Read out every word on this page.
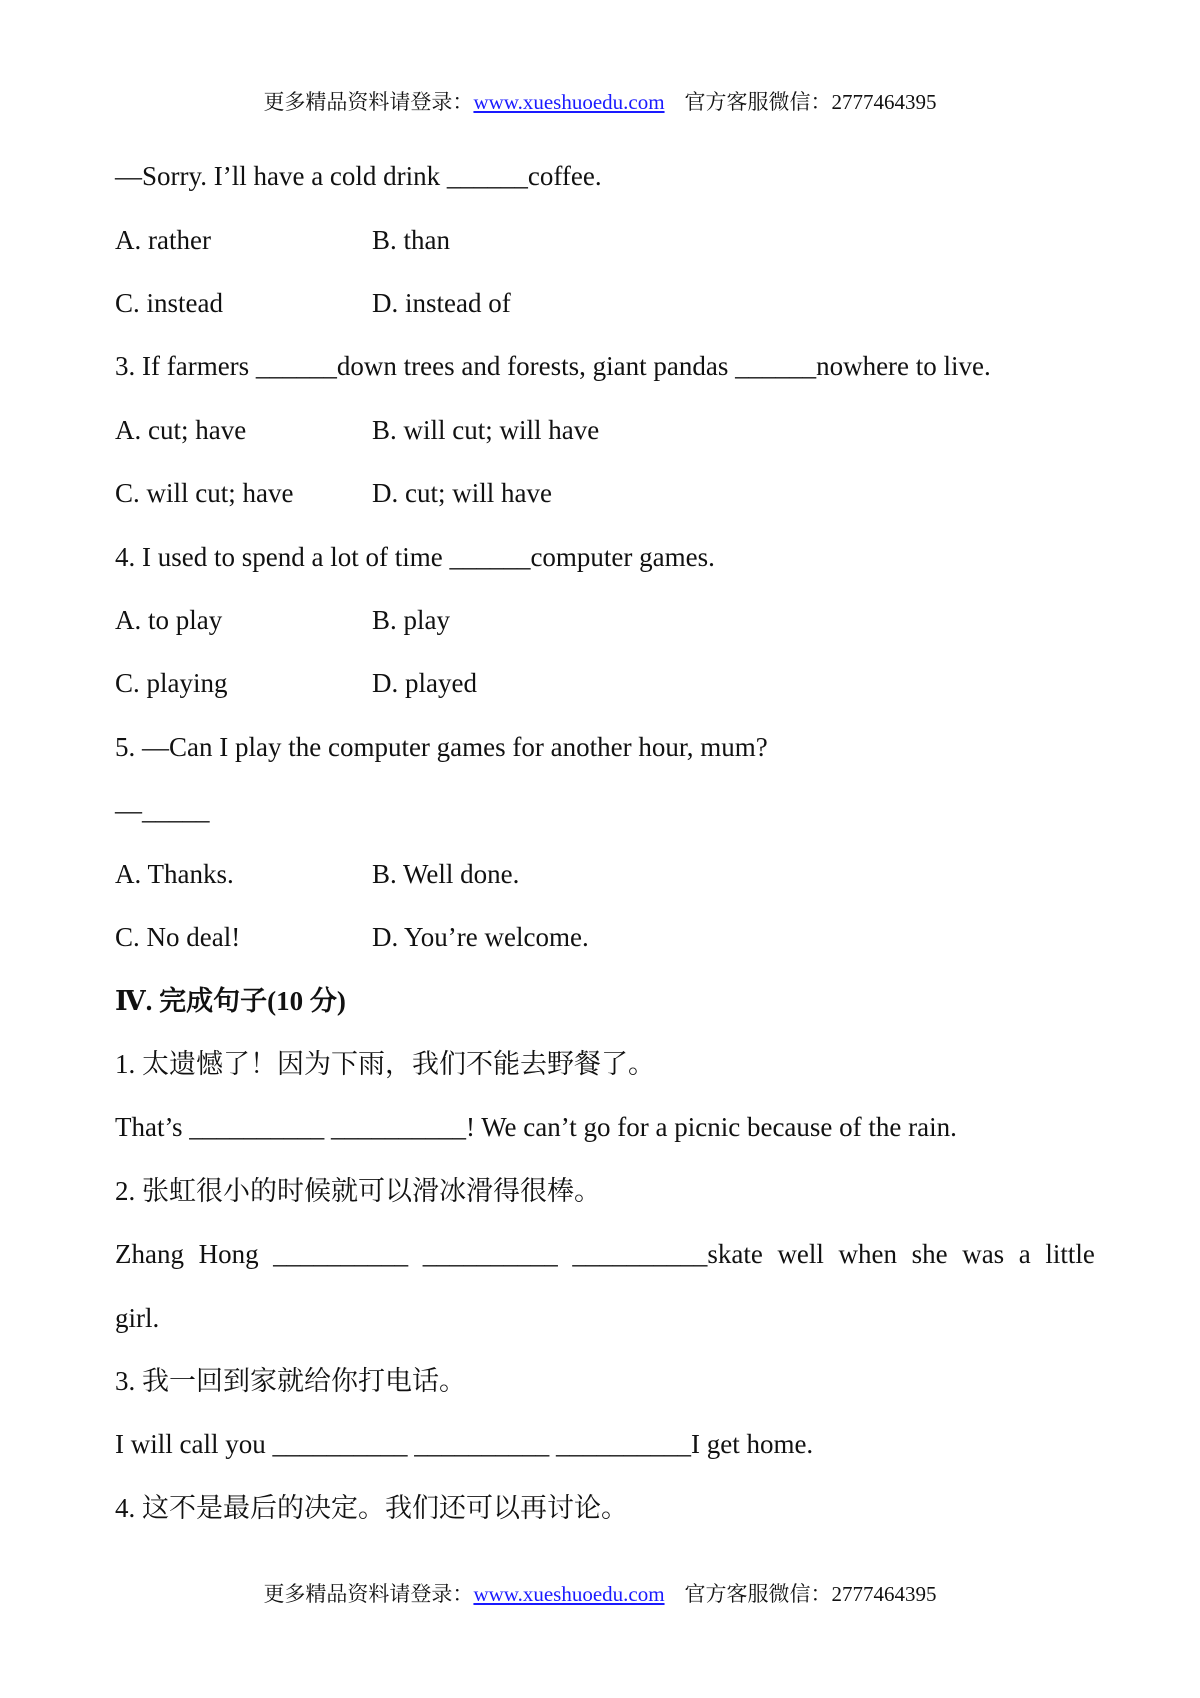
更多精品资料请登录：www.xueshuoedu.com 官方客服微信：2777464395
—Sorry. I’ll have a cold drink ______coffee.
A. rather	B. than
C. instead	D. instead of
3. If farmers ______down trees and forests, giant pandas ______nowhere to live.
A. cut; have	B. will cut; will have
C. will cut; have	D. cut; will have
4. I used to spend a lot of time ______computer games.
A. to play	B. play
C. playing	D. played
5. —Can I play the computer games for another hour, mum?
—_____
A. Thanks.	B. Well done.
C. No deal!	D. You’re welcome.
Ⅳ. 完成句子(10 分)
1. 太遗憾了！因为下雨，我们不能去野餐了。
That’s __________ __________! We can’t go for a picnic because of the rain.
2. 张虹很小的时候就可以滑冰滑得很棒。
Zhang Hong __________ __________ __________skate well when she was a little
girl.
3. 我一回到家就给你打电话。
I will call you __________ __________ __________I get home.
4. 这不是最后的决定。我们还可以再讨论。
更多精品资料请登录：www.xueshuoedu.com 官方客服微信：2777464395
